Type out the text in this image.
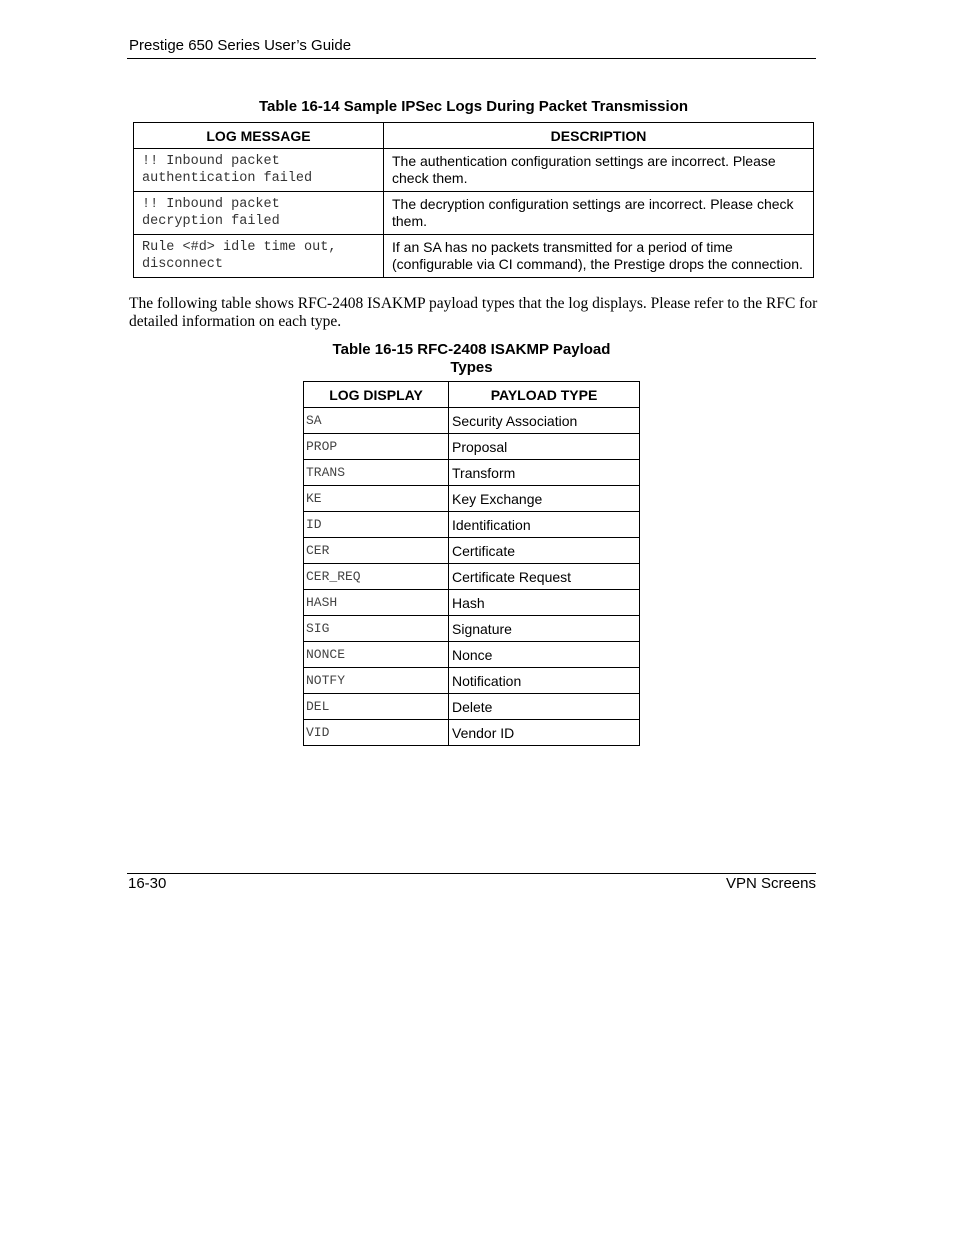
Prestige 650 Series User’s Guide
Table 16-14 Sample IPSec Logs During Packet Transmission
LOG MESSAGE	DESCRIPTION
!! Inbound packet
authentication failed	The authentication configuration settings are incorrect. Please check them.
!! Inbound packet
decryption failed	The decryption configuration settings are incorrect. Please check them.
Rule <#d> idle time out,
disconnect	If an SA has no packets transmitted for a period of time (configurable via CI command), the Prestige drops the connection.
The following table shows RFC-2408 ISAKMP payload types that the log displays. Please refer to the RFC for detailed information on each type.
Table 16-15 RFC-2408 ISAKMP Payload
Types
LOG DISPLAY	PAYLOAD TYPE
SA	Security Association
PROP	Proposal
TRANS	Transform
KE	Key Exchange
ID	Identification
CER	Certificate
CER_REQ	Certificate Request
HASH	Hash
SIG	Signature
NONCE	Nonce
NOTFY	Notification
DEL	Delete
VID	Vendor ID
16-30	VPN Screens
